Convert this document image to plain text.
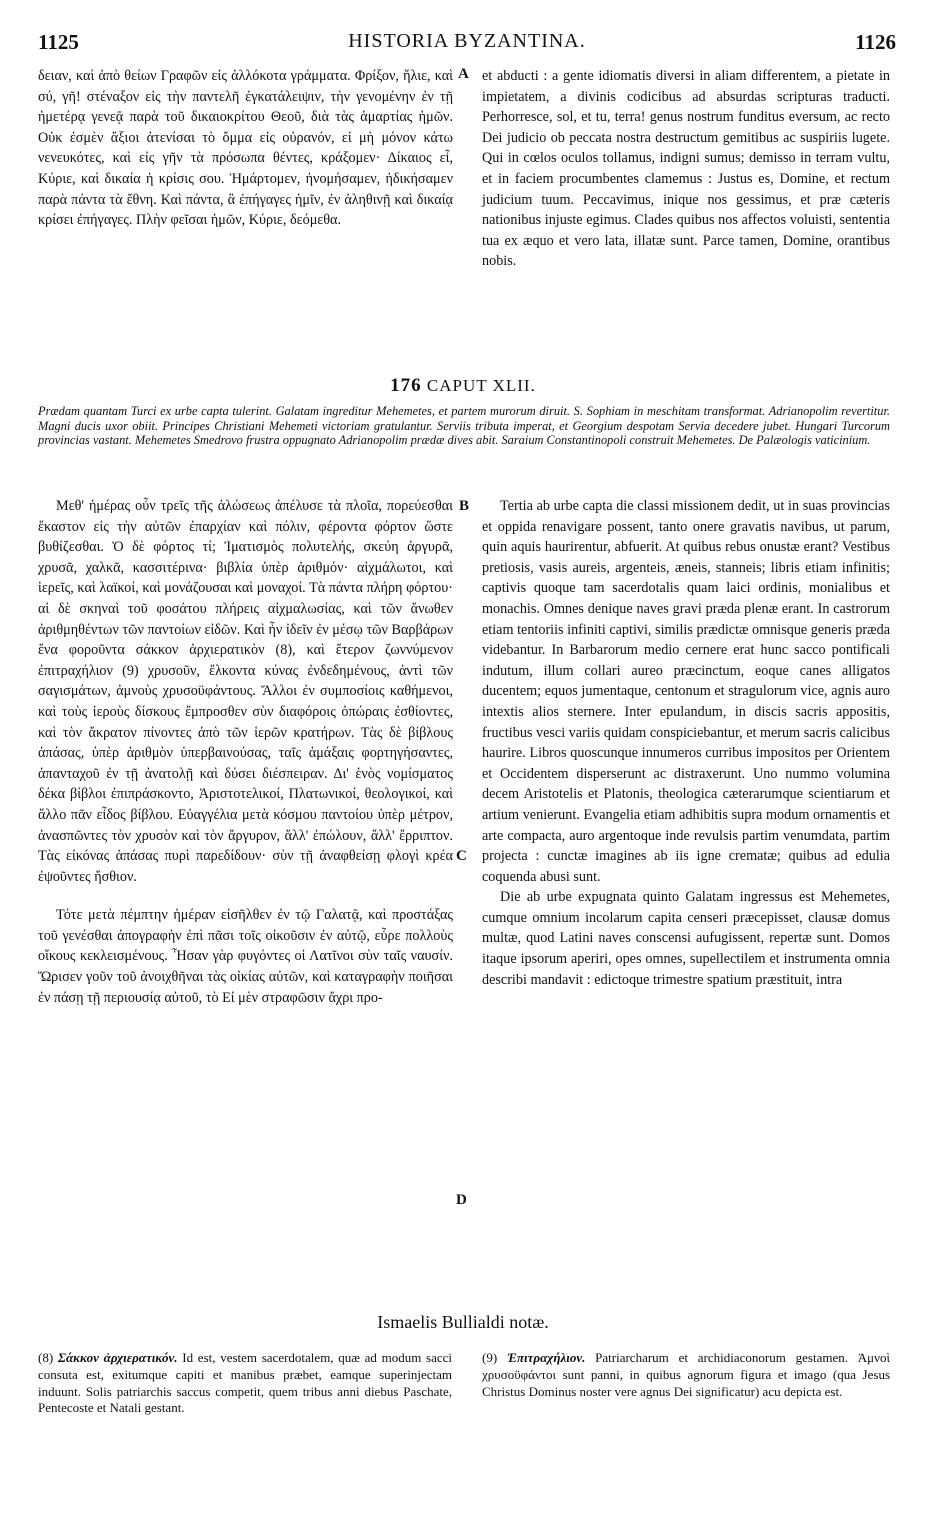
1125	HISTORIA BYZANTINA.	1126

δειαν, καὶ ἀπὸ θείων Γραφῶν εἰς ἀλλόκοτα γράμματα. Φρίξον, ἥλιε, καὶ σύ, γῆ! στέναξον εἰς τὴν παντελῆ ἐγκατάλειψιν, τὴν γενομένην ἐν τῇ ἡμετέρᾳ γενεᾷ παρὰ τοῦ δικαιοκρίτου Θεοῦ, διὰ τὰς ἁμαρτίας ἡμῶν. Οὐκ ἐσμὲν ἄξιοι ἀτενίσαι τὸ ὄμμα εἰς οὐρανόν, εἰ μὴ μόνον κάτω νενευκότες, καὶ εἰς γῆν τὰ πρόσωπα θέντες, κράξομεν· Δίκαιος εἶ, Κύριε, καὶ δικαία ἡ κρίσις σου. Ἡμάρτομεν, ἠνομήσαμεν, ἠδικήσαμεν παρὰ πάντα τὰ ἔθνη. Καὶ πάντα, ἃ ἐπήγαγες ἡμῖν, ἐν ἀληθινῇ καὶ δικαίᾳ κρίσει ἐπήγαγες. Πλὴν φεῖσαι ἡμῶν, Κύριε, δεόμεθα.

A et abducti : a gente idiomatis diversi in aliam differentem, a pietate in impietatem, a divinis codicibus ad absurdas scripturas traducti. Perhorresce, sol, et tu, terra! genus nostrum funditus eversum, ac recto Dei judicio ob peccata nostra destructum gemitibus ac suspiriis lugete. Qui in cœlos oculos tollamus, indigni sumus; demisso in terram vultu, et in faciem procumbentes clamemus : Justus es, Domine, et rectum judicium tuum. Peccavimus, inique nos gessimus, et præ cæteris nationibus injuste egimus. Clades quibus nos affectos voluisti, sententia tua ex æquo et vero lata, illatæ sunt. Parce tamen, Domine, orantibus nobis.

176 CAPUT XLII.
Prædam quantam Turci ex urbe capta tulerint. Galatam ingreditur Mehemetes, et partem murorum diruit. S. Sophiam in meschitam transformat. Adrianopolim revertitur. Magni ducis uxor obiit. Principes Christiani Mehemeti victoriam gratulantur. Serviis tributa imperat, et Georgium despotam Servia decedere jubet. Hungari Turcorum provincias vastant. Mehemetes Smedrovo frustra oppugnato Adrianopolim prædæ dives abit. Saraium Constantinopoli construit Mehemetes. De Palæologis vaticinium.

Μεθ' ἡμέρας οὖν τρεῖς τῆς ἁλώσεως ἀπέλυσε τὰ πλοῖα, πορεύεσθαι ἕκαστον εἰς τὴν αὐτῶν ἐπαρχίαν καὶ πόλιν, φέροντα φόρτον ὥστε βυθίζεσθαι. Ὁ δὲ φόρτος τί; Ἱματισμὸς πολυτελής, σκεύη ἀργυρᾶ, χρυσᾶ, χαλκᾶ, κασσιτέρινα· βιβλία ὑπὲρ ἀριθμόν· αἰχμάλωτοι, καὶ ἱερεῖς, καὶ λαϊκοί, καὶ μονάζουσαι καὶ μοναχοί. Τὰ πάντα πλήρη φόρτου· αἱ δὲ σκηναὶ τοῦ φοσάτου πλήρεις αἰχμαλωσίας, καὶ τῶν ἄνωθεν ἀριθμηθέντων τῶν παντοίων εἰδῶν. Καὶ ἦν ἰδεῖν ἐν μέσῳ τῶν Βαρβάρων ἕνα φοροῦντα σάκκον ἀρχιερατικὸν (8), καὶ ἕτερον ζωννύμενον ἐπιτραχήλιον (9) χρυσοῦν, ἕλκοντα κύνας ἐνδεδημένους, ἀντὶ τῶν σαγισμάτων, ἀμνοὺς χρυσοϋφάντους. Ἄλλοι ἐν συμποσίοις καθήμενοι, καὶ τοὺς ἱεροὺς δίσκους ἔμπροσθεν σὺν διαφόροις ὀπώραις ἐσθίοντες, καὶ τὸν ἄκρατον πίνοντες ἀπὸ τῶν ἱερῶν κρατήρων. Τὰς δὲ βίβλους ἁπάσας, ὑπὲρ ἀριθμὸν ὑπερβαινούσας, ταῖς ἁμάξαις φορτηγήσαντες, ἁπανταχοῦ ἐν τῇ ἀνατολῇ καὶ δύσει διέσπειραν. Δι' ἑνὸς νομίσματος δέκα βίβλοι ἐπιπράσκοντο, Ἀριστοτελικοί, Πλατωνικοί, θεολογικοί, καὶ ἄλλο πᾶν εἶδος βίβλου. Εὐαγγέλια μετὰ κόσμου παντοίου ὑπὲρ μέτρον, ἀνασπῶντες τὸν χρυσὸν καὶ τὸν ἄργυρον, ἄλλ' ἐπώλουν, ἄλλ' ἔρριπτον. Τὰς εἰκόνας ἁπάσας πυρὶ παρεδίδουν· σὺν τῇ ἀναφθείσῃ φλογὶ κρέα ἐψοῦντες ἤσθιον.

Τότε μετὰ πέμπτην ἡμέραν εἰσῆλθεν ἐν τῷ Γαλατᾷ, καὶ προστάξας τοῦ γενέσθαι ἀπογραφὴν ἐπὶ πᾶσι τοῖς οἰκοῦσιν ἐν αὐτῷ, εὗρε πολλοὺς οἴκους κεκλεισμένους. Ἦσαν γὰρ φυγόντες οἱ Λατῖνοι σὺν ταῖς ναυσίν. Ὥρισεν γοῦν τοῦ ἀνοιχθῆναι τὰς οἰκίας αὐτῶν, καὶ καταγραφὴν ποιῆσαι ἐν πάσῃ τῇ περιουσίᾳ αὐτοῦ, τὸ Εἰ μὲν στραφῶσιν ἄχρι προ-

B
C
D

Tertia ab urbe capta die classi missionem dedit, ut in suas provincias et oppida renavigare possent, tanto onere gravatis navibus, ut parum, quin aquis haurirentur, abfuerit. At quibus rebus onustæ erant? Vestibus pretiosis, vasis aureis, argenteis, æneis, stanneis; libris etiam infinitis; captivis quoque tam sacerdotalis quam laici ordinis, monialibus et monachis. Omnes denique naves gravi præda plenæ erant. In castrorum etiam tentoriis infiniti captivi, similis prædictæ omnisque generis præda videbantur. In Barbarorum medio cernere erat hunc sacco pontificali indutum, illum collari aureo præcinctum, eoque canes alligatos ducentem; equos jumentaque, centonum et stragulorum vice, agnis auro intextis alios sternere. Inter epulandum, in discis sacris appositis, fructibus vesci variis quidam conspiciebantur, et merum sacris calicibus haurire. Libros quoscunque innumeros curribus impositos per Orientem et Occidentem disperserunt ac distraxerunt. Uno nummo volumina decem Aristotelis et Platonis, theologica cæterarumque scientiarum et artium venierunt. Evangelia etiam adhibitis supra modum ornamentis et arte compacta, auro argentoque inde revulsis partim venumdata, partim projecta : cunctæ imagines ab iis igne crematæ; quibus ad edulia coquenda abusi sunt.

Die ab urbe expugnata quinto Galatam ingressus est Mehemetes, cumque omnium incolarum capita censeri præcepisset, clausæ domus multæ, quod Latini naves conscensi aufugissent, repertæ sunt. Domos itaque ipsorum aperiri, opes omnes, supellectilem et instrumenta omnia describi mandavit : edictoque trimestre spatium præstituit, intra

Ismaelis Bullialdi notæ.
(8) Σάκκον ἀρχιερατικόν. Id est, vestem sacerdotalem, quæ ad modum sacci consuta est, exitumque capiti et manibus præbet, eamque superinjectam induunt. Solis patriarchis saccus competit, quem tribus anni diebus Paschate, Pentecoste et Natali gestant.
(9) Ἐπιτραχήλιον. Patriarcharum et archidiaconorum gestamen. Ἀμνοὶ χρυσοϋφάντοι sunt panni, in quibus agnorum figura et imago (qua Jesus Christus Dominus noster vere agnus Dei significatur) acu depicta est.
